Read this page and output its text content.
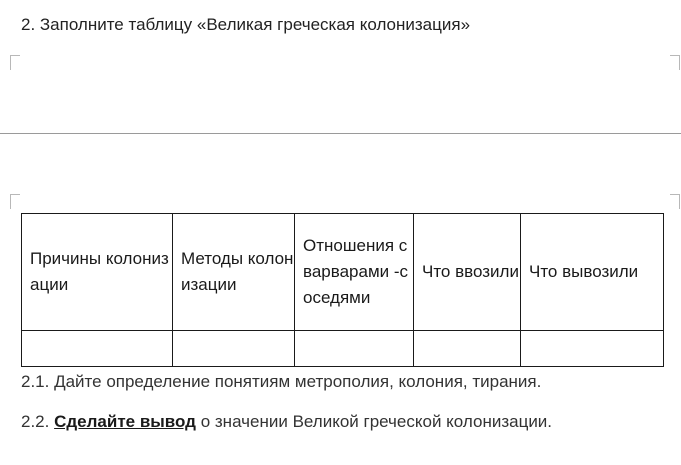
2. Заполните таблицу «Великая греческая колонизация»
Причины колонизации	Методы колонизации	Отношения с варварами -соседями	Что ввозили	Что вывозили

2.1. Дайте определение понятиям метрополия, колония, тирания.
2.2. Сделайте вывод о значении Великой греческой колонизации.
